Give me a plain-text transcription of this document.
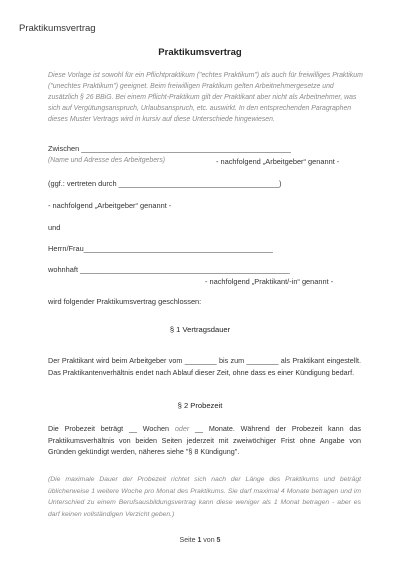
Praktikumsvertrag
Praktikumsvertrag
Diese Vorlage ist sowohl für ein Pflichtpraktikum ("echtes Praktikum") als auch für freiwilliges Praktikum ("unechtes Praktikum") geeignet. Beim freiwilligen Praktikum gelten Arbeitnehmergesetze und zusätzlich § 26 BBiG. Bei einem Pflicht-Praktikum gilt der Praktikant aber nicht als Arbeitnehmer, was sich auf Vergütungsanspruch, Urlaubsanspruch, etc. auswirkt. In den entsprechenden Paragraphen dieses Muster Vertrags wird in kursiv auf diese Unterschiede hingewiesen.
Zwischen ___________________________________________________
(Name und Adresse des Arbeitgebers)	- nachfolgend „Arbeitgeber“ genannt -
(ggf.: vertreten durch _______________________________________)
- nachfolgend „Arbeitgeber“ genannt -
und
Herrn/Frau______________________________________________
wohnhaft ___________________________________________________
- nachfolgend „Praktikant/-in“ genannt -
wird folgender Praktikumsvertrag geschlossen:
§ 1 Vertragsdauer
Der Praktikant wird beim Arbeitgeber vom ________ bis zum ________ als Praktikant eingestellt. Das Praktikantenverhältnis endet nach Ablauf dieser Zeit, ohne dass es einer Kündigung bedarf.
§ 2 Probezeit
Die Probezeit beträgt __ Wochen oder __ Monate. Während der Probezeit kann das Praktikumsverhältnis von beiden Seiten jederzeit mit zweiwöchiger Frist ohne Angabe von Gründen gekündigt werden, näheres siehe "§ 8 Kündigung".
(Die maximale Dauer der Probezeit richtet sich nach der Länge des Praktikums und beträgt üblicherweise 1 weitere Woche pro Monat des Praktikums. Sie darf maximal 4 Monate betragen und im Unterschied zu einem Berufsausbildungsvertrag kann diese weniger als 1 Monat betragen - aber es darf keinen vollständigen Verzicht geben.)
Seite 1 von 5
